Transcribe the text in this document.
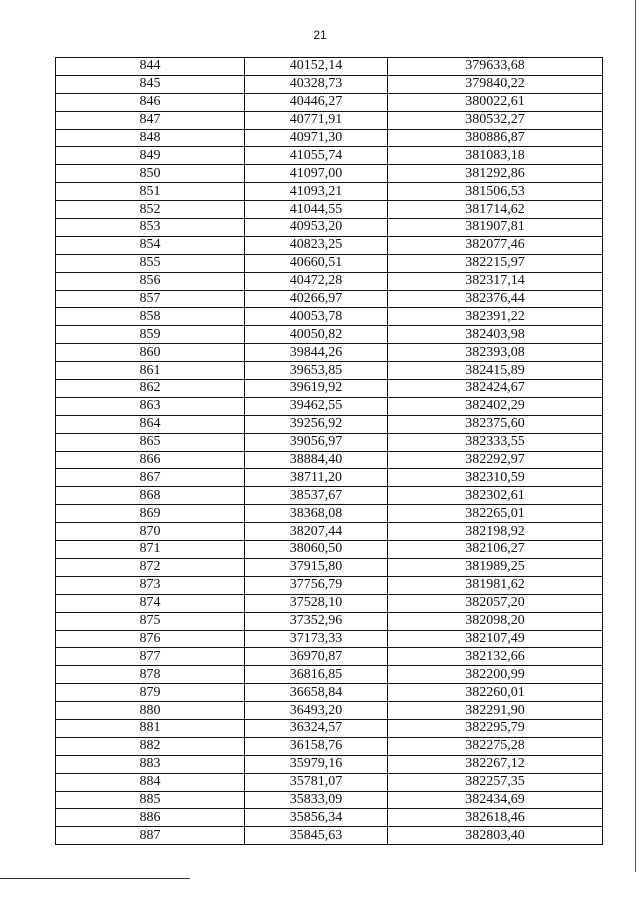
21
844	40152,14	379633,68
845	40328,73	379840,22
846	40446,27	380022,61
847	40771,91	380532,27
848	40971,30	380886,87
849	41055,74	381083,18
850	41097,00	381292,86
851	41093,21	381506,53
852	41044,55	381714,62
853	40953,20	381907,81
854	40823,25	382077,46
855	40660,51	382215,97
856	40472,28	382317,14
857	40266,97	382376,44
858	40053,78	382391,22
859	40050,82	382403,98
860	39844,26	382393,08
861	39653,85	382415,89
862	39619,92	382424,67
863	39462,55	382402,29
864	39256,92	382375,60
865	39056,97	382333,55
866	38884,40	382292,97
867	38711,20	382310,59
868	38537,67	382302,61
869	38368,08	382265,01
870	38207,44	382198,92
871	38060,50	382106,27
872	37915,80	381989,25
873	37756,79	381981,62
874	37528,10	382057,20
875	37352,96	382098,20
876	37173,33	382107,49
877	36970,87	382132,66
878	36816,85	382200,99
879	36658,84	382260,01
880	36493,20	382291,90
881	36324,57	382295,79
882	36158,76	382275,28
883	35979,16	382267,12
884	35781,07	382257,35
885	35833,09	382434,69
886	35856,34	382618,46
887	35845,63	382803,40
